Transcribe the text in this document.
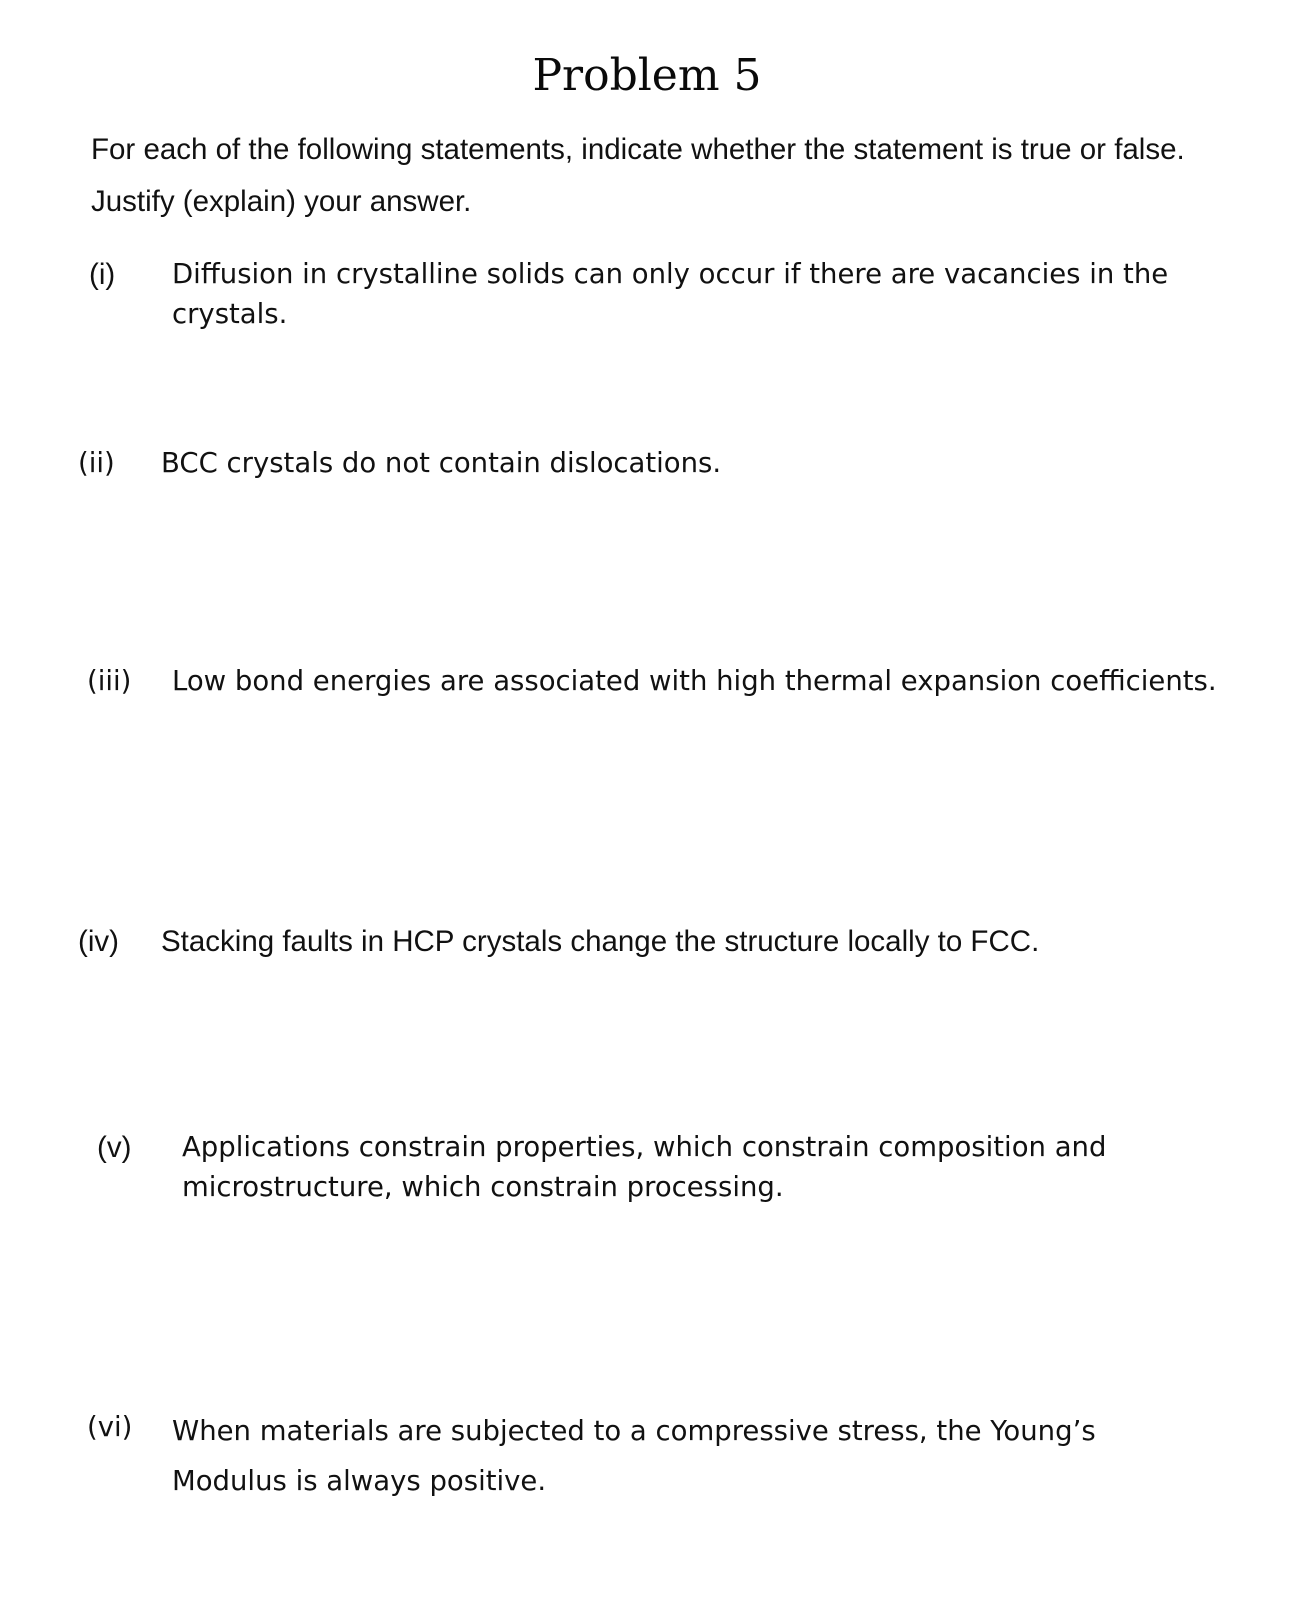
Problem 5
For each of the following statements, indicate whether the statement is true or false.
Justify (explain) your answer.
(i) Diffusion in crystalline solids can only occur if there are vacancies in the crystals.
(ii) BCC crystals do not contain dislocations.
(iii) Low bond energies are associated with high thermal expansion coefficients.
(iv) Stacking faults in HCP crystals change the structure locally to FCC.
(v) Applications constrain properties, which constrain composition and microstructure, which constrain processing.
(vi) When materials are subjected to a compressive stress, the Young’s Modulus is always positive.
